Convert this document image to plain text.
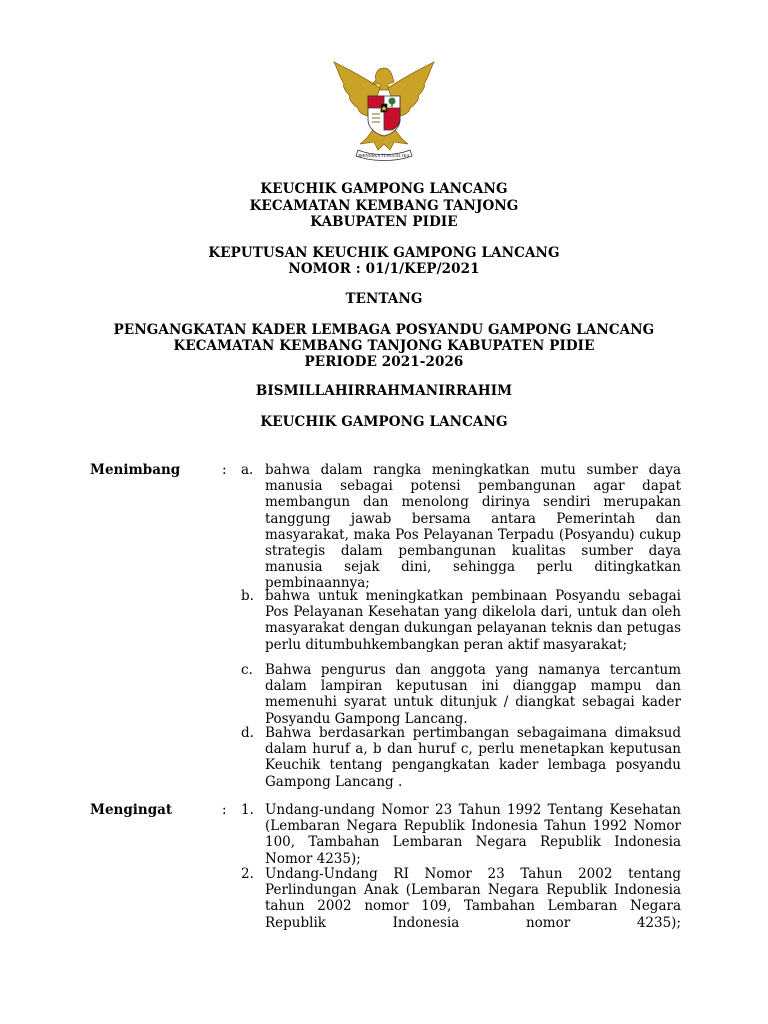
BHINNEKA TUNGGAL IKA
KEUCHIK GAMPONG LANCANG
KECAMATAN KEMBANG TANJONG
KABUPATEN PIDIE
KEPUTUSAN KEUCHIK GAMPONG LANCANG
NOMOR : 01/1/KEP/2021
TENTANG
PENGANGKATAN KADER LEMBAGA POSYANDU GAMPONG LANCANG
KECAMATAN KEMBANG TANJONG KABUPATEN PIDIE
PERIODE 2021-2026
BISMILLAHIRRAHMANIRRAHIM
KEUCHIK GAMPONG LANCANG
Menimbang	: a. bahwa dalam rangka meningkatkan mutu sumber daya manusia sebagai potensi pembangunan agar dapat membangun dan menolong dirinya sendiri merupakan tanggung jawab bersama antara Pemerintah dan masyarakat, maka Pos Pelayanan Terpadu (Posyandu) cukup strategis dalam pembangunan kualitas sumber daya manusia sejak dini, sehingga perlu ditingkatkan pembinaannya;
b. bahwa untuk meningkatkan pembinaan Posyandu sebagai Pos Pelayanan Kesehatan yang dikelola dari, untuk dan oleh masyarakat dengan dukungan pelayanan teknis dan petugas perlu ditumbuhkembangkan peran aktif masyarakat;
c. Bahwa pengurus dan anggota yang namanya tercantum dalam lampiran keputusan ini dianggap mampu dan memenuhi syarat untuk ditunjuk / diangkat sebagai kader Posyandu Gampong Lancang.
d. Bahwa berdasarkan pertimbangan sebagaimana dimaksud dalam huruf a, b dan huruf c, perlu menetapkan keputusan Keuchik tentang pengangkatan kader lembaga posyandu Gampong Lancang .
Mengingat	: 1. Undang-undang Nomor 23 Tahun 1992 Tentang Kesehatan (Lembaran Negara Republik Indonesia Tahun 1992 Nomor 100, Tambahan Lembaran Negara Republik Indonesia Nomor 4235);
2. Undang-Undang RI Nomor 23 Tahun 2002 tentang Perlindungan Anak (Lembaran Negara Republik Indonesia tahun 2002 nomor 109, Tambahan Lembaran Negara Republik Indonesia nomor 4235);
